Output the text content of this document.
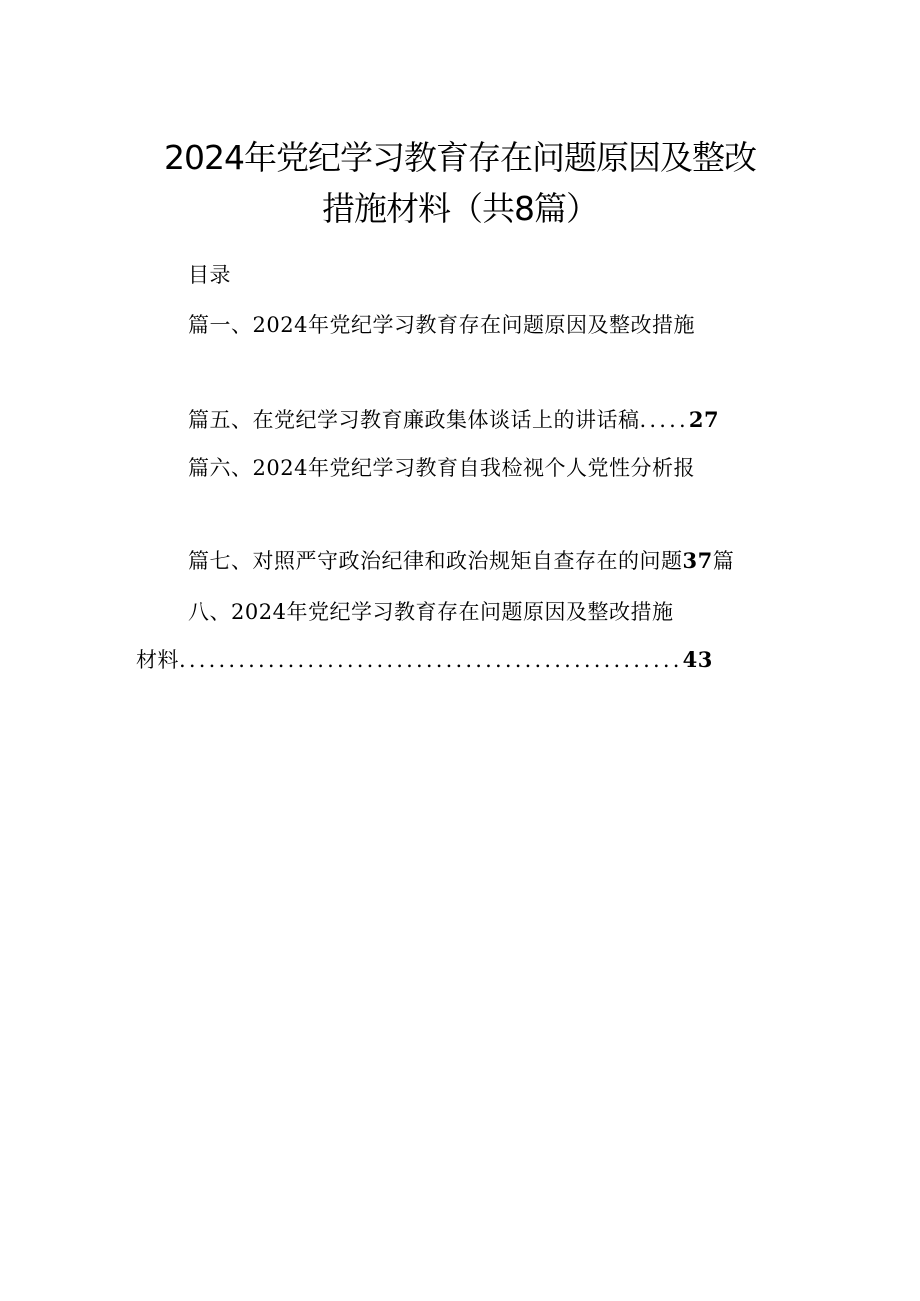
2024年党纪学习教育存在问题原因及整改
措施材料（共8篇）
目录
篇一、2024年党纪学习教育存在问题原因及整改措施
篇五、在党纪学习教育廉政集体谈话上的讲话稿.....27
篇六、2024年党纪学习教育自我检视个人党性分析报
篇七、对照严守政治纪律和政治规矩自查存在的问题37篇
八、2024年党纪学习教育存在问题原因及整改措施
材料...................................................43
